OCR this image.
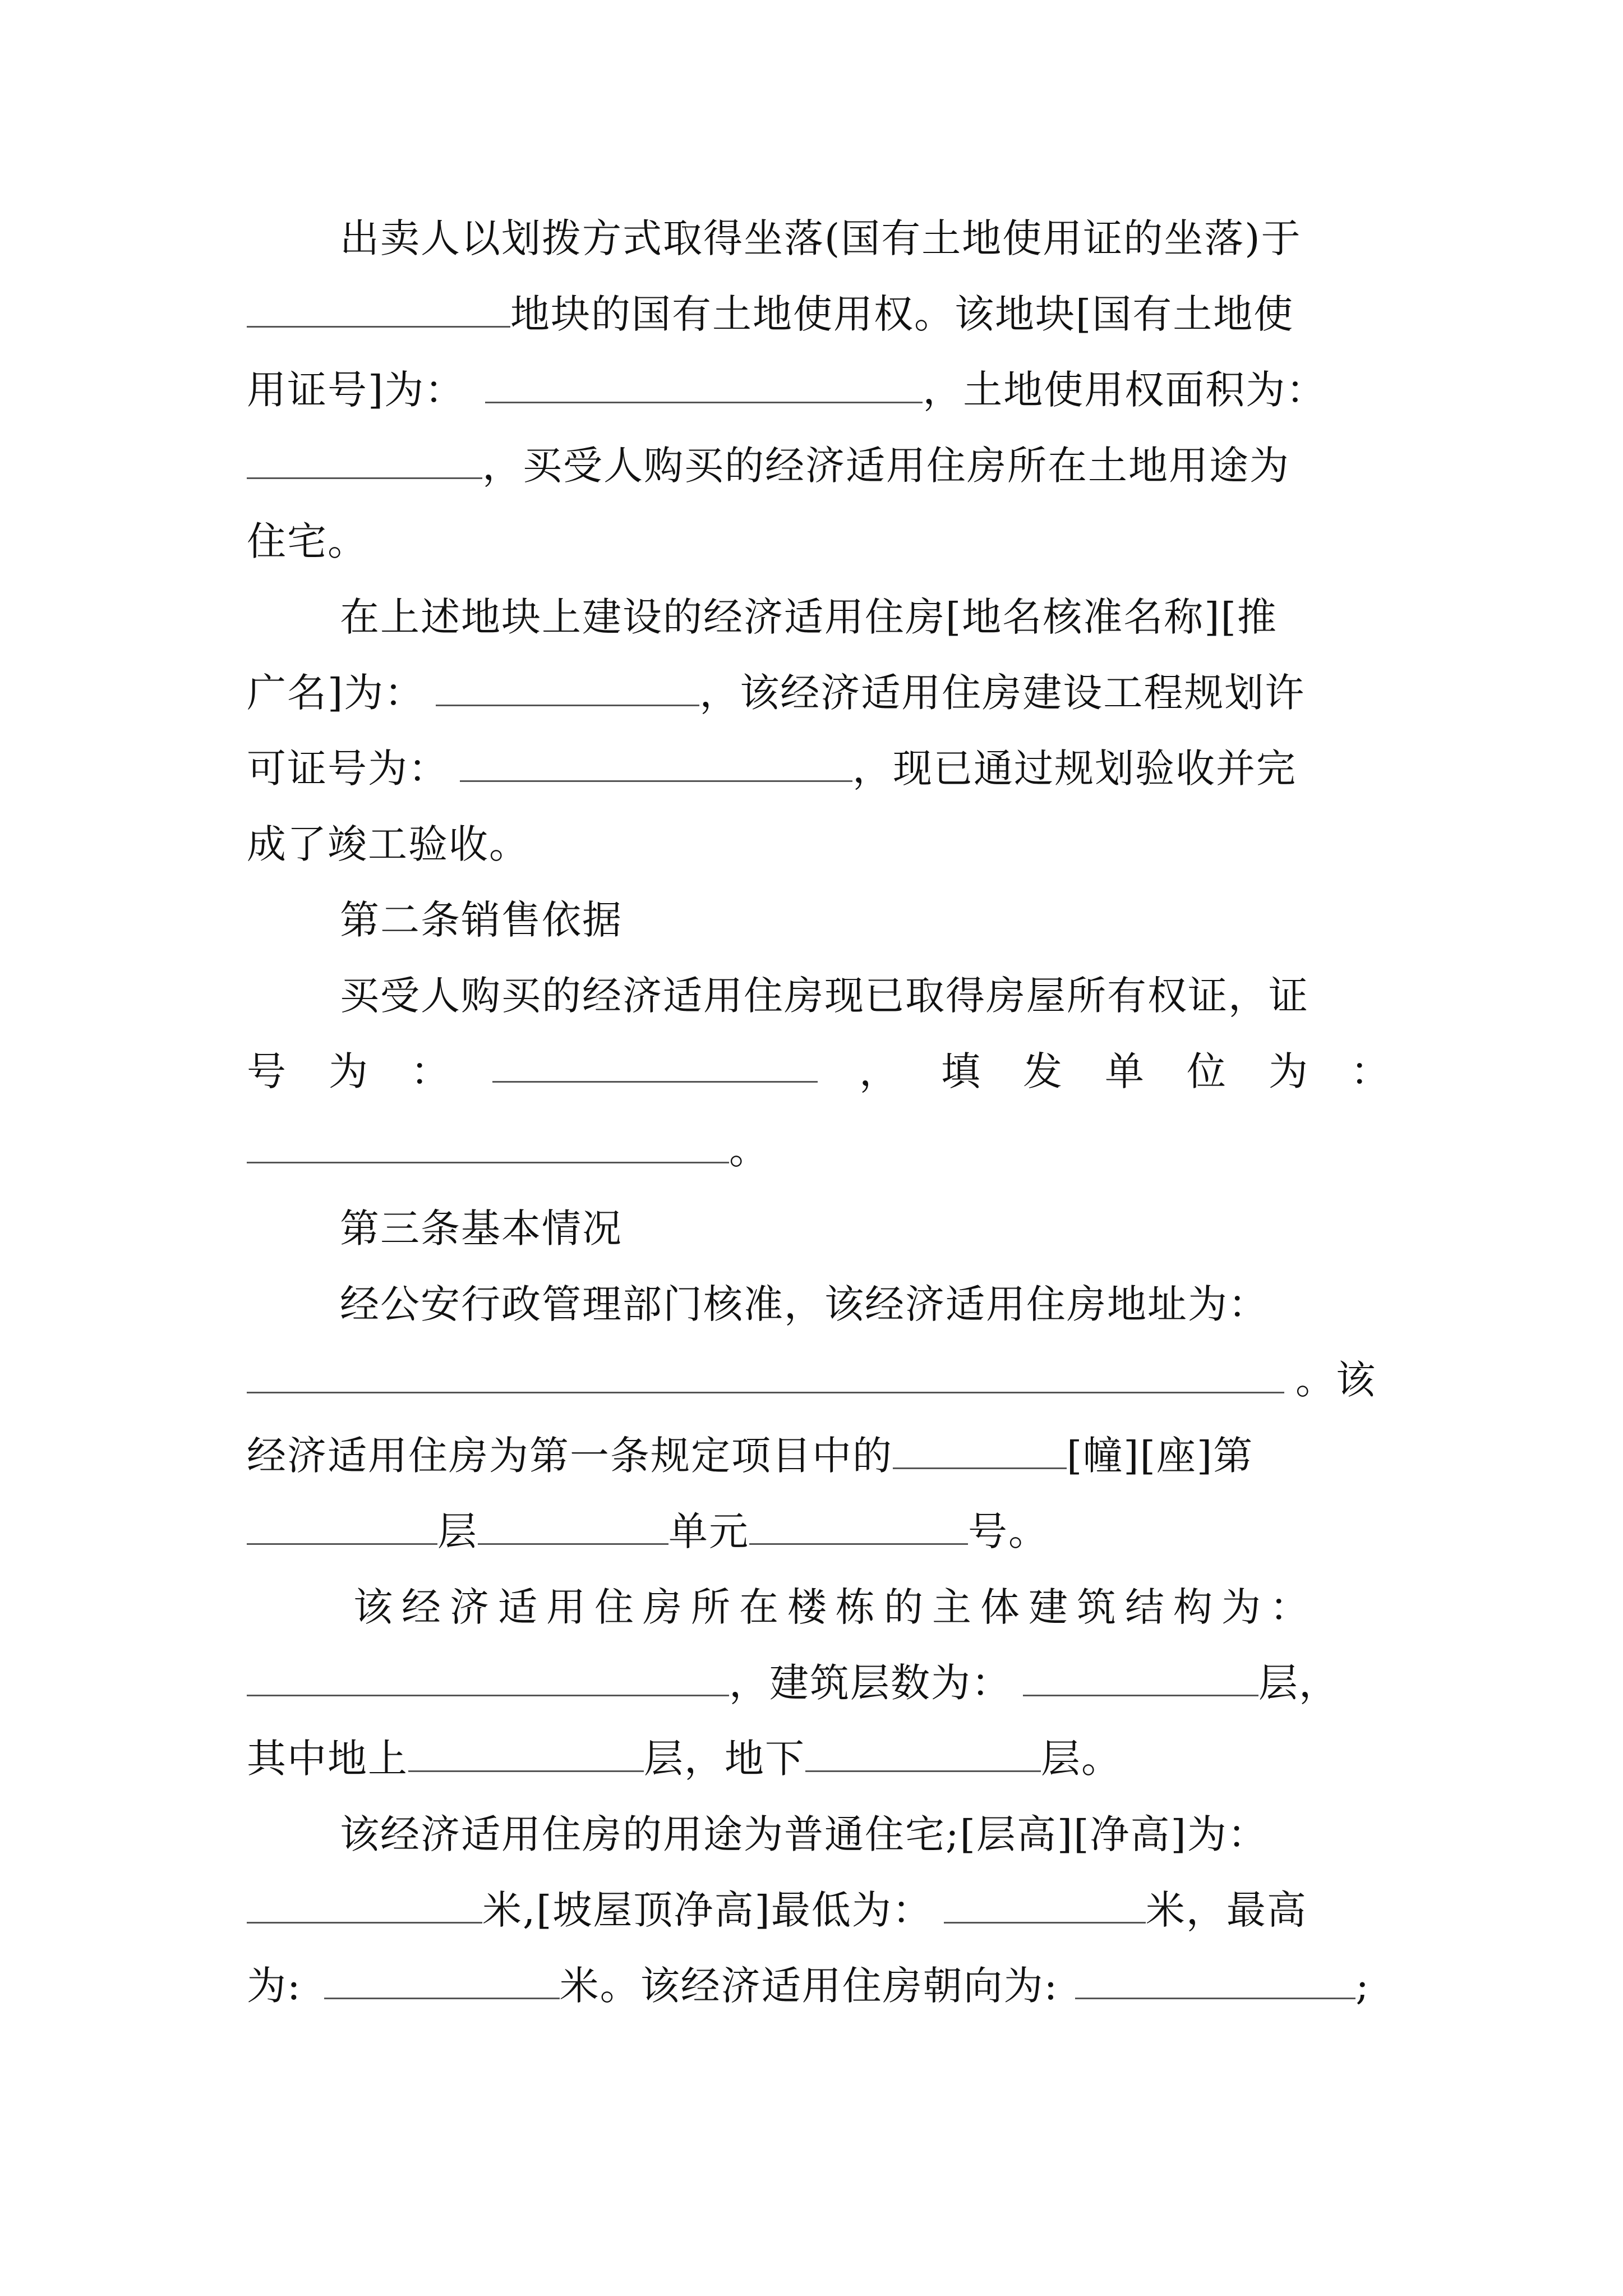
出卖人以划拨方式取得坐落(国有土地使用证的坐落)于
地块的国有土地使用权。该地块[国有土地使
用证号]为：	，土地使用权面积为：
，买受人购买的经济适用住房所在土地用途为
住宅。
在上述地块上建设的经济适用住房[地名核准名称][推
广名]为：	，该经济适用住房建设工程规划许
可证号为：	，现已通过规划验收并完
成了竣工验收。
第二条销售依据
买受人购买的经济适用住房现已取得房屋所有权证，证
号 为 ：	， 填 发 单 位 为 ：
。
第三条基本情况
经公安行政管理部门核准，该经济适用住房地址为：
。该
经济适用住房为第一条规定项目中的	[幢][座]第
层	单元	号。
该经济适用住房所在楼栋的主体建筑结构为：
，建筑层数为：	层，
其中地上	层，地下	层。
该经济适用住房的用途为普通住宅;[层高][净高]为：
米,[坡屋顶净高]最低为：	米，最高
为:	米。该经济适用住房朝向为:	;
